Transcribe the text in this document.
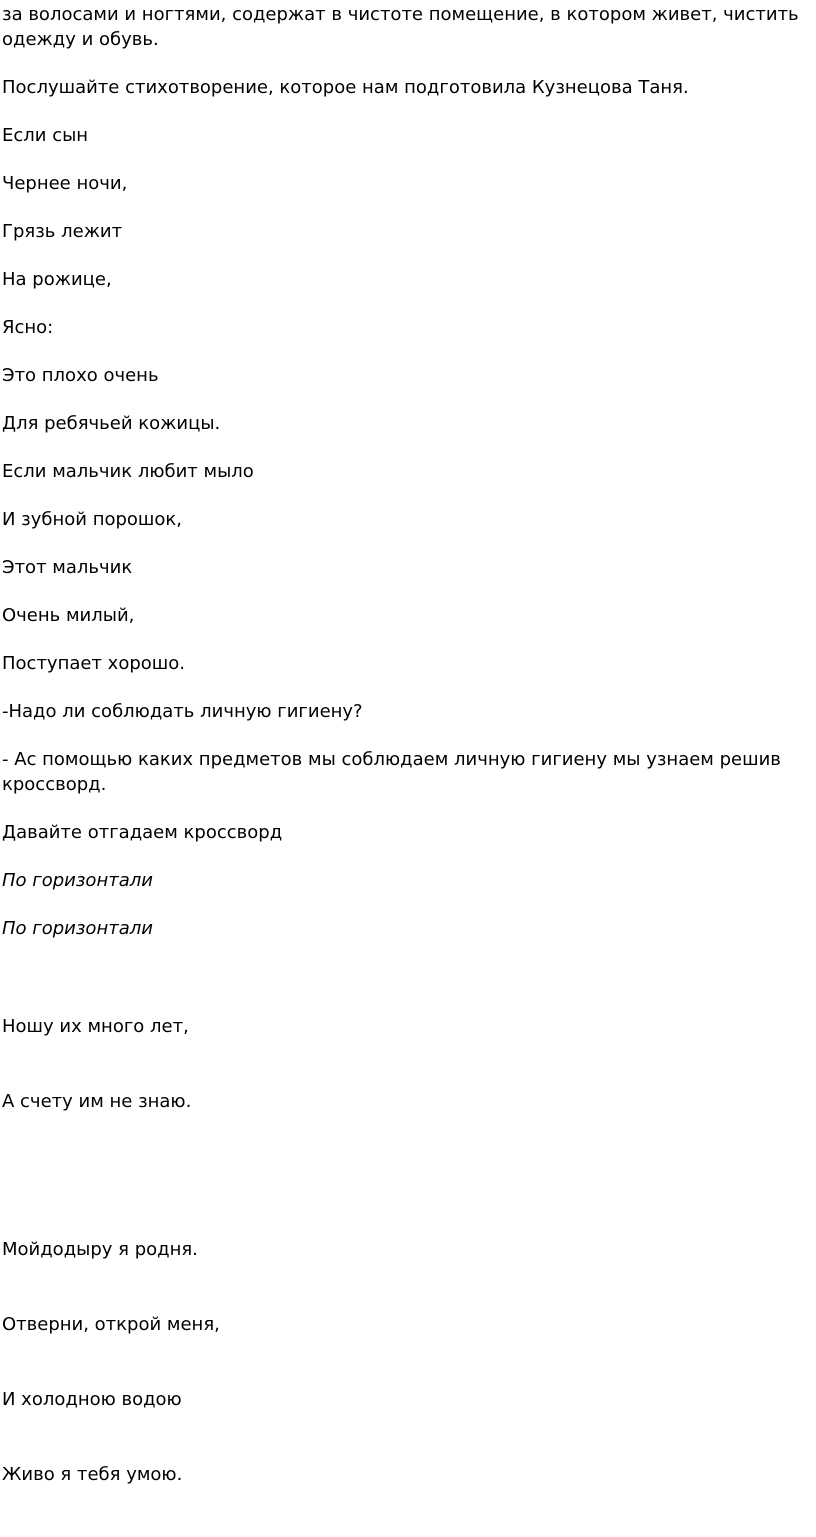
за волосами и ногтями, содержат в чистоте помещение, в котором живет, чистить одежду и обувь.

Послушайте стихотворение, которое нам подготовила Кузнецова Таня.

Если сын

Чернее ночи,

Грязь лежит

На рожице,

Ясно:

Это плохо очень

Для ребячьей кожицы.

Если мальчик любит мыло

И зубной порошок,

Этот мальчик

Очень милый,

Поступает хорошо.

-Надо ли соблюдать личную гигиену?

- Ас помощью каких предметов мы соблюдаем личную гигиену мы узнаем решив кроссворд.

Давайте отгадаем кроссворд

По горизонтали

По горизонтали

Ношу их много лет,

А счету им не знаю.

Мойдодыру я родня.

Отверни, открой меня,

И холодною водою

Живо я тебя умою.
